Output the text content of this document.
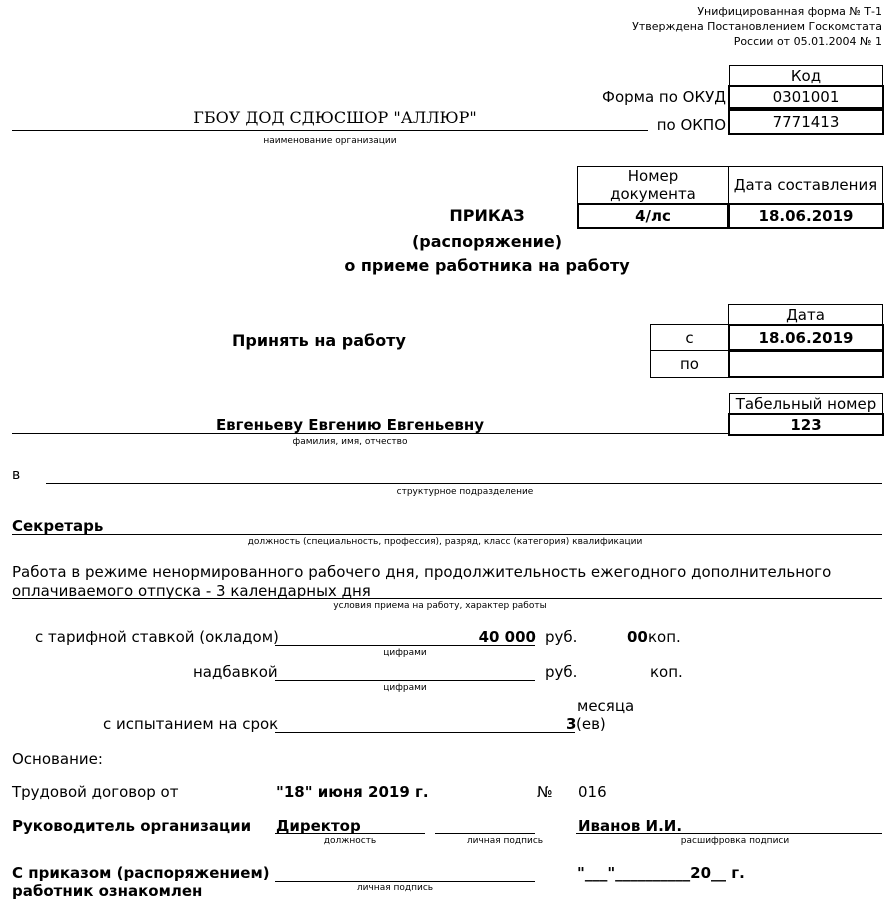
Унифицированная форма № Т-1
Утверждена Постановлением Госкомстата
России от 05.01.2004 № 1
Код
Форма по ОКУД	0301001
по ОКПО	7771413
ГБОУ ДОД СДЮСШОР "АЛЛЮР"
наименование организации
Номер документа	Дата составления
4/лс	18.06.2019
ПРИКАЗ
(распоряжение)
о приеме работника на работу
Принять на работу
Дата
с	18.06.2019
по
Табельный номер
123
Евгеньеву Евгению Евгеньевну
фамилия, имя, отчество
в
структурное подразделение
Секретарь
должность (специальность, профессия), разряд, класс (категория) квалификации
Работа в режиме ненормированного рабочего дня, продолжительность ежегодного дополнительного
оплачиваемого отпуска - 3 календарных дня
условия приема на работу, характер работы
с тарифной ставкой (окладом)	40 000
цифрами
руб.	00 коп.
надбавкой
цифрами
руб.	коп.
с испытанием на срок	3
месяца
(ев)
Основание:
Трудовой договор от	"18" июня 2019 г.	№ 016
Руководитель организации Директор
должность	личная подпись
Иванов И.И.
расшифровка подписи
С приказом (распоряжением)
работник ознакомлен	личная подпись
"___"__________20__ г.
